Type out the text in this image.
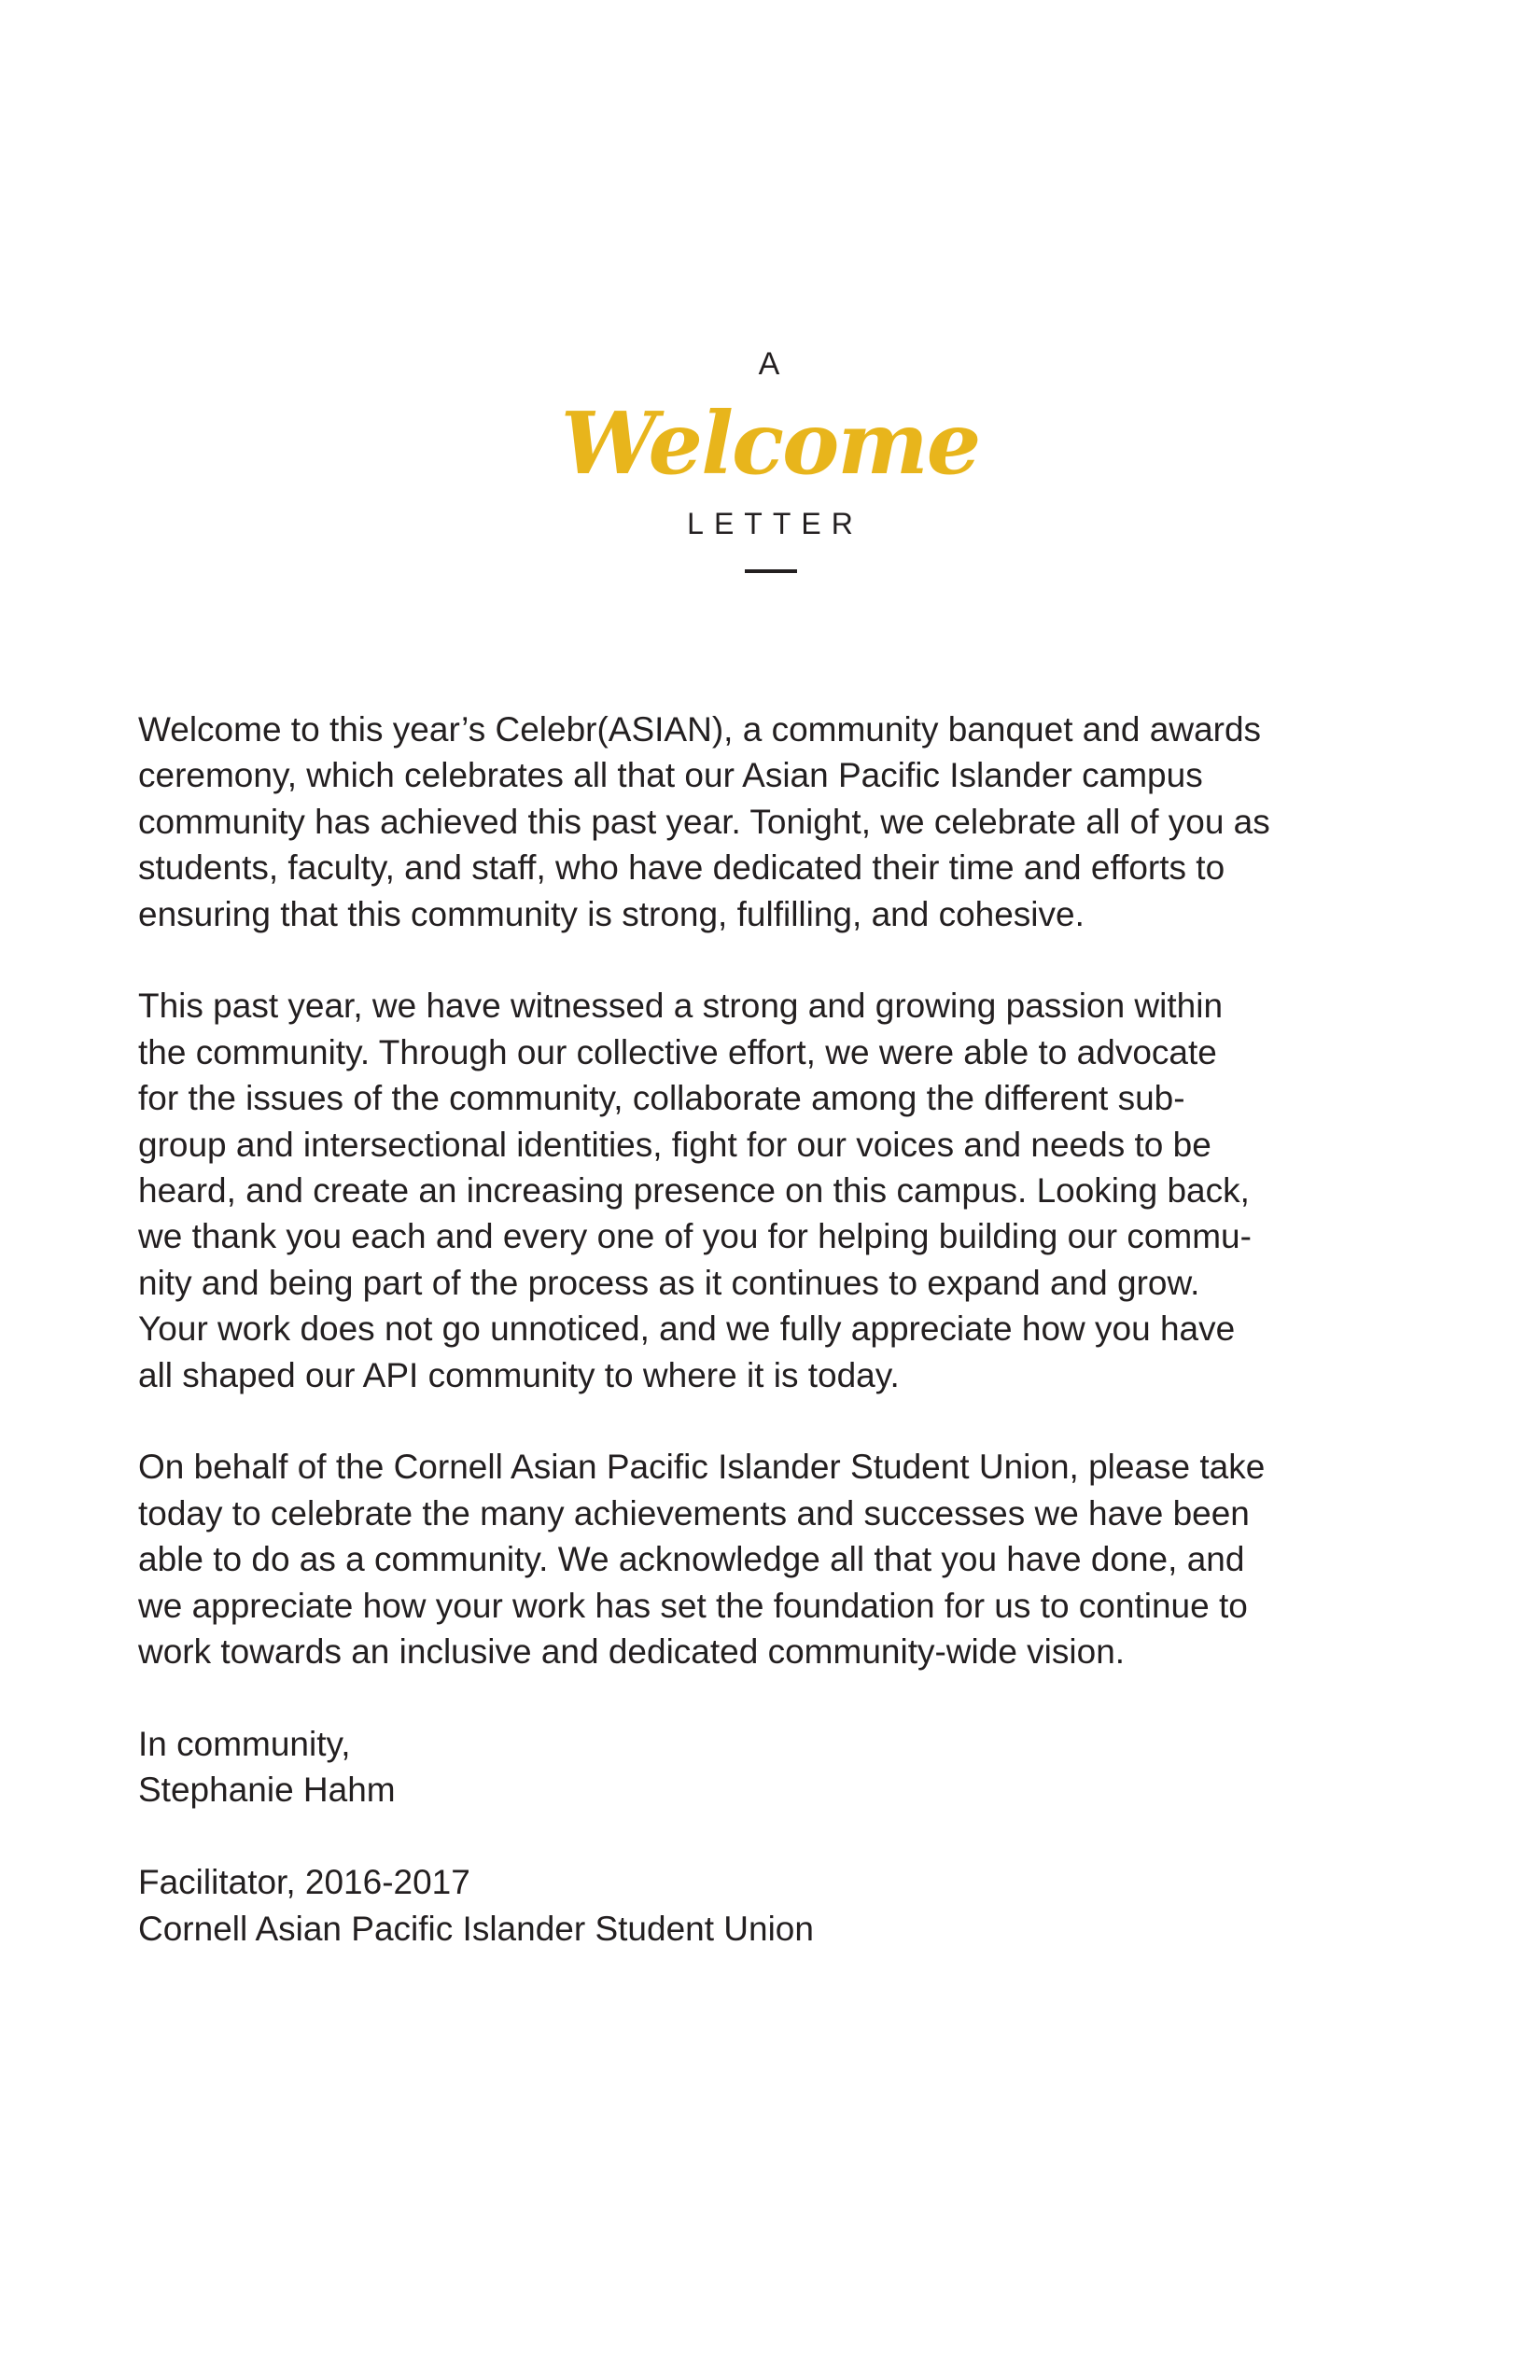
A
Welcome
LETTER

Welcome to this year’s Celebr(ASIAN), a community banquet and awards
ceremony, which celebrates all that our Asian Pacific Islander campus
community has achieved this past year. Tonight, we celebrate all of you as
students, faculty, and staff, who have dedicated their time and efforts to
ensuring that this community is strong, fulfilling, and cohesive.

This past year, we have witnessed a strong and growing passion within
the community. Through our collective effort, we were able to advocate
for the issues of the community, collaborate among the different sub-
group and intersectional identities, fight for our voices and needs to be
heard, and create an increasing presence on this campus. Looking back,
we thank you each and every one of you for helping building our commu-
nity and being part of the process as it continues to expand and grow.
Your work does not go unnoticed, and we fully appreciate how you have
all shaped our API community to where it is today.

On behalf of the Cornell Asian Pacific Islander Student Union, please take
today to celebrate the many achievements and successes we have been
able to do as a community. We acknowledge all that you have done, and
we appreciate how your work has set the foundation for us to continue to
work towards an inclusive and dedicated community-wide vision.

In community,
Stephanie Hahm

Facilitator, 2016-2017
Cornell Asian Pacific Islander Student Union
